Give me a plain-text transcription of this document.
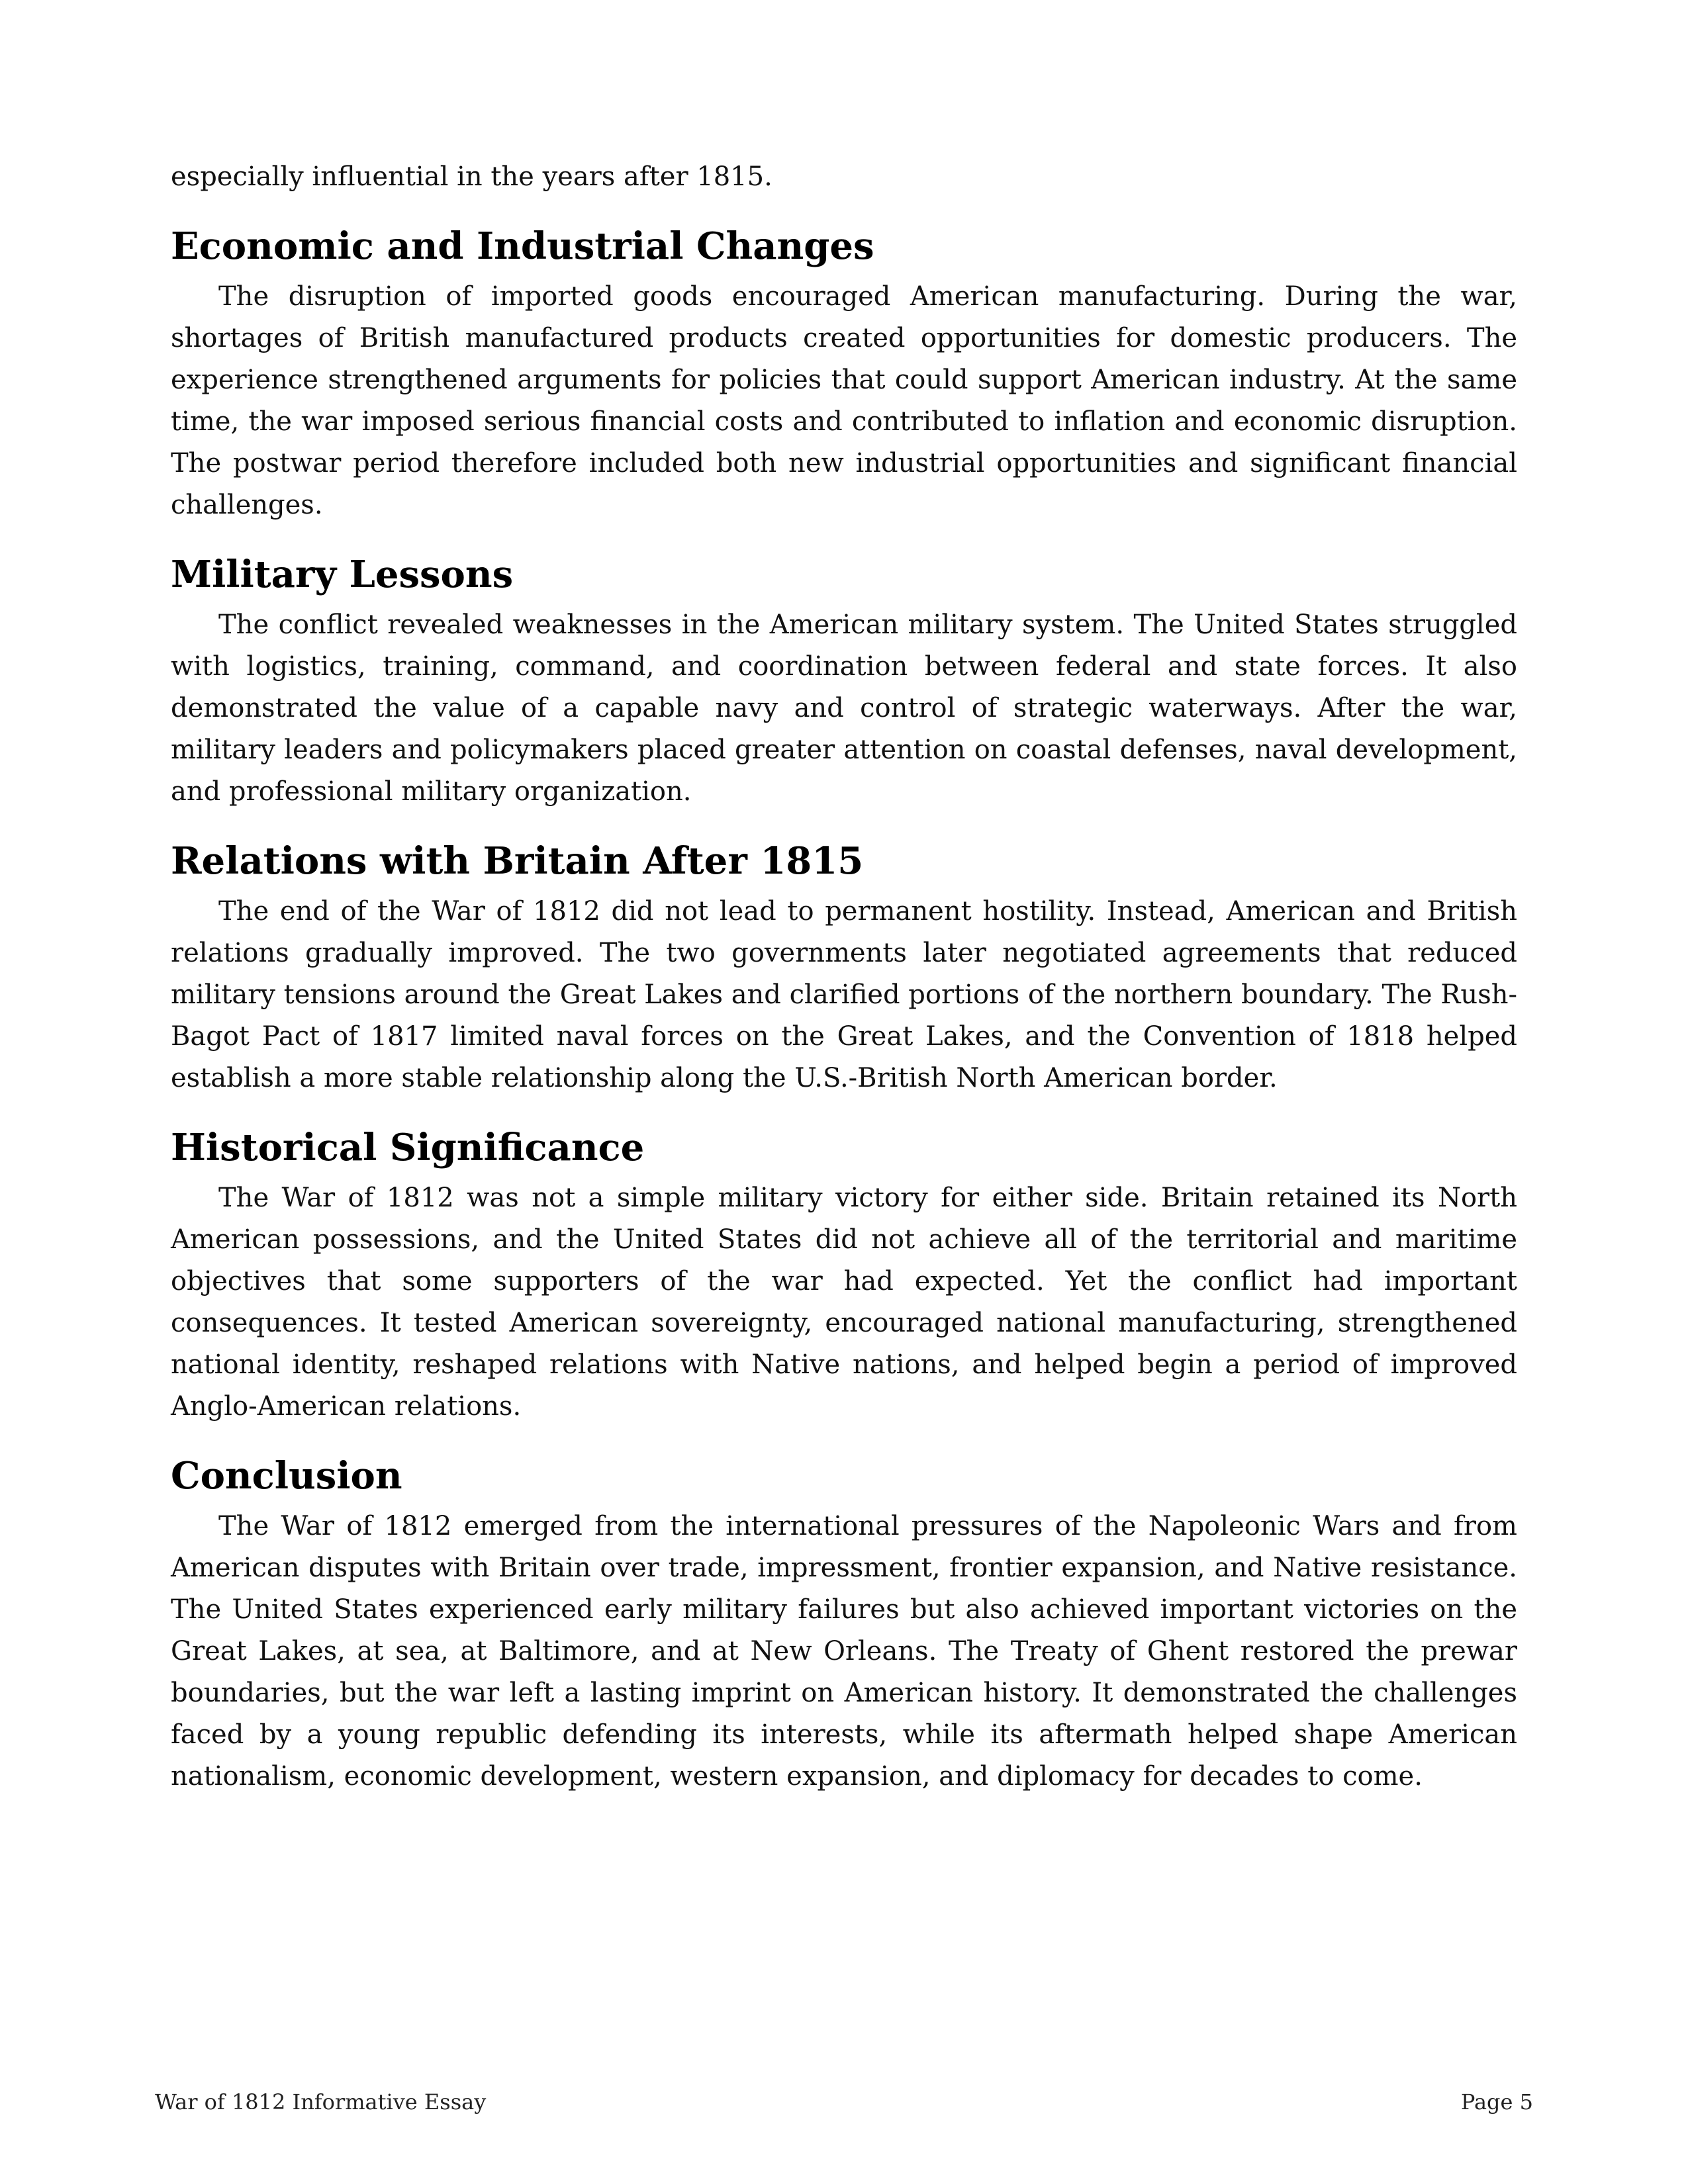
especially influential in the years after 1815.

Economic and Industrial Changes

The disruption of imported goods encouraged American manufacturing. During the war, shortages of British manufactured products created opportunities for domestic producers. The experience strengthened arguments for policies that could support American industry. At the same time, the war imposed serious financial costs and contributed to inflation and economic disruption. The postwar period therefore included both new industrial opportunities and significant financial challenges.

Military Lessons

The conflict revealed weaknesses in the American military system. The United States struggled with logistics, training, command, and coordination between federal and state forces. It also demonstrated the value of a capable navy and control of strategic waterways. After the war, military leaders and policymakers placed greater attention on coastal defenses, naval development, and professional military organization.

Relations with Britain After 1815

The end of the War of 1812 did not lead to permanent hostility. Instead, American and British relations gradually improved. The two governments later negotiated agreements that reduced military tensions around the Great Lakes and clarified portions of the northern boundary. The Rush-Bagot Pact of 1817 limited naval forces on the Great Lakes, and the Convention of 1818 helped establish a more stable relationship along the U.S.-British North American border.

Historical Significance

The War of 1812 was not a simple military victory for either side. Britain retained its North American possessions, and the United States did not achieve all of the territorial and maritime objectives that some supporters of the war had expected. Yet the conflict had important consequences. It tested American sovereignty, encouraged national manufacturing, strengthened national identity, reshaped relations with Native nations, and helped begin a period of improved Anglo-American relations.

Conclusion

The War of 1812 emerged from the international pressures of the Napoleonic Wars and from American disputes with Britain over trade, impressment, frontier expansion, and Native resistance. The United States experienced early military failures but also achieved important victories on the Great Lakes, at sea, at Baltimore, and at New Orleans. The Treaty of Ghent restored the prewar boundaries, but the war left a lasting imprint on American history. It demonstrated the challenges faced by a young republic defending its interests, while its aftermath helped shape American nationalism, economic development, western expansion, and diplomacy for decades to come.

War of 1812 Informative Essay	Page 5
